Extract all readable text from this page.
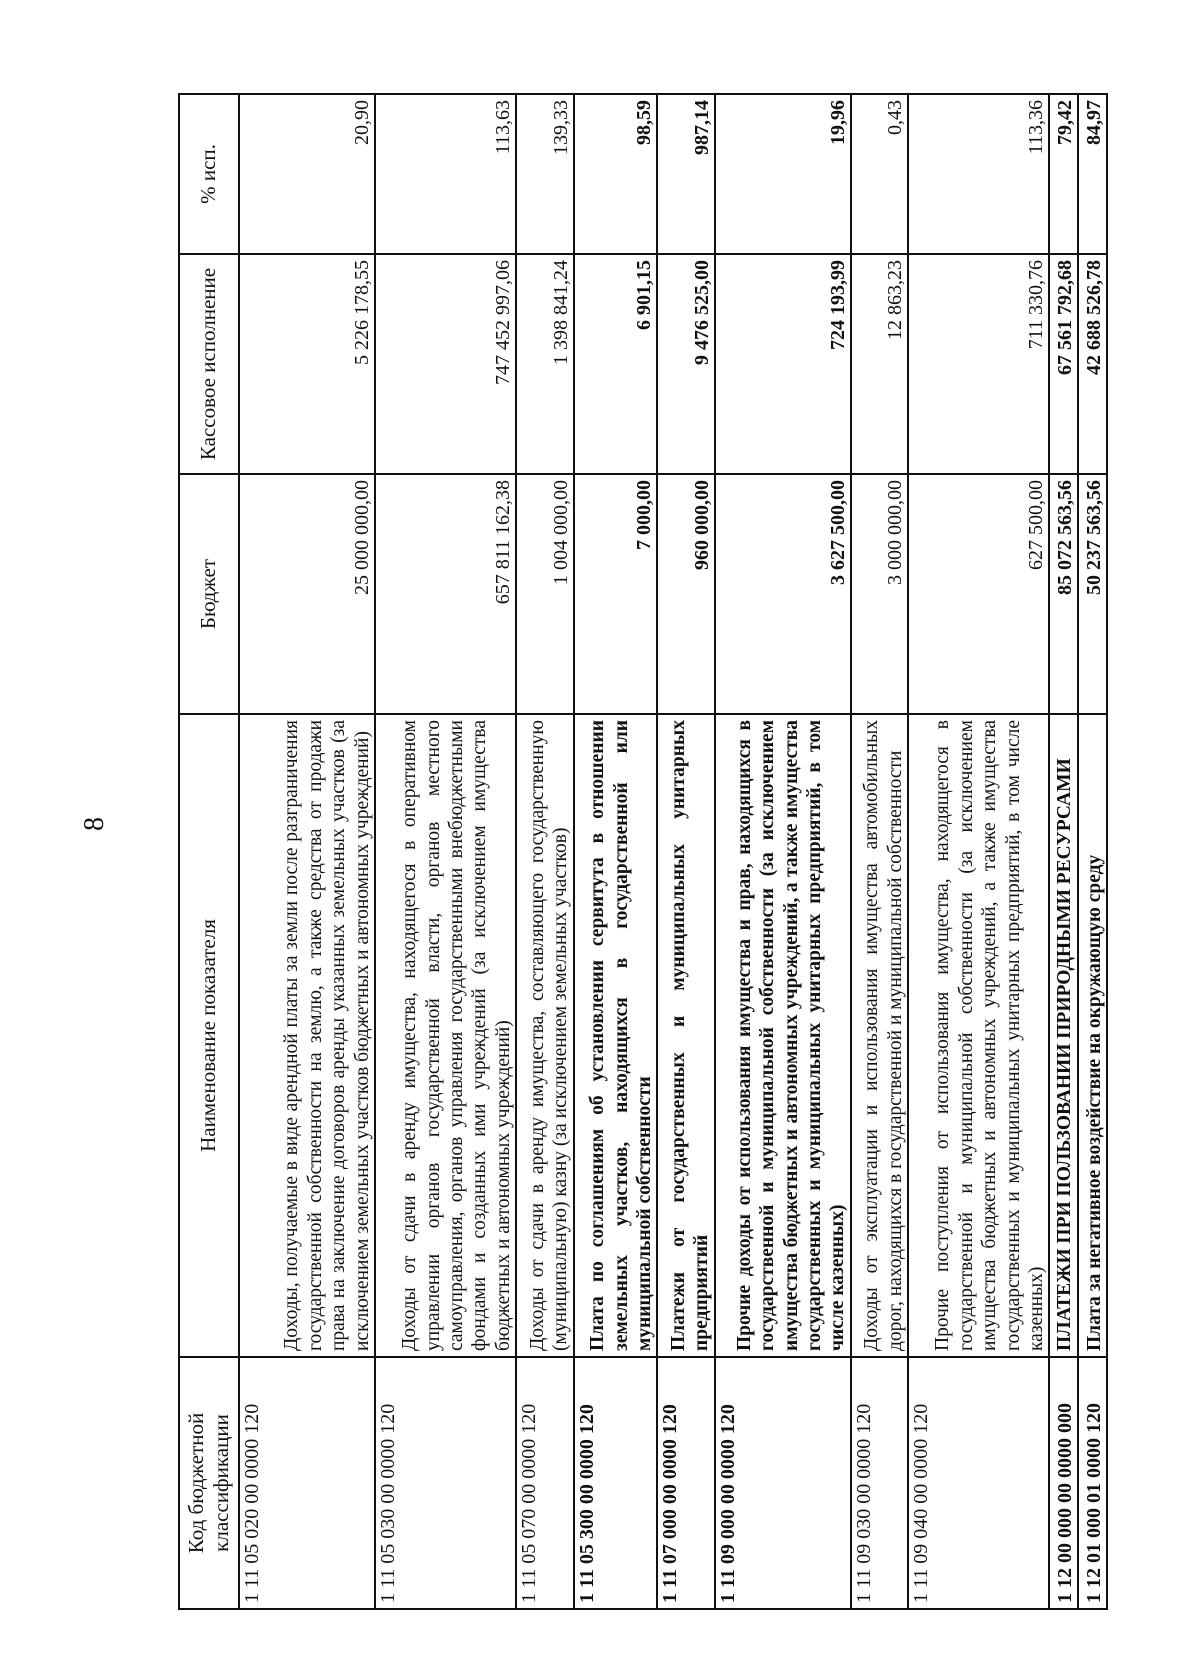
8
Код бюджетной классификации	Наименование показателя	Бюджет	Кассовое исполнение	% исп.
1 11 05 020 00 0000 120	Доходы, получаемые в виде арендной платы за земли после разграничения государственной собственности на землю, а также средства от продажи права на заключение договоров аренды указанных земельных участков (за исключением земельных участков бюджетных и автономных учреждений)	25 000 000,00	5 226 178,55	20,90
1 11 05 030 00 0000 120	Доходы от сдачи в аренду имущества, находящегося в оперативном управлении органов государственной власти, органов местного самоуправления, органов управления государственными внебюджетными фондами и созданных ими учреждений (за исключением имущества бюджетных и автономных учреждений)	657 811 162,38	747 452 997,06	113,63
1 11 05 070 00 0000 120	Доходы от сдачи в аренду имущества, составляющего государственную (муниципальную) казну (за исключением земельных участков)	1 004 000,00	1 398 841,24	139,33
1 11 05 300 00 0000 120	Плата по соглашениям об установлении сервитута в отношении земельных участков, находящихся в государственной или муниципальной собственности	7 000,00	6 901,15	98,59
1 11 07 000 00 0000 120	Платежи от государственных и муниципальных унитарных предприятий	960 000,00	9 476 525,00	987,14
1 11 09 000 00 0000 120	Прочие доходы от использования имущества и прав, находящихся в государственной и муниципальной собственности (за исключением имущества бюджетных и автономных учреждений, а также имущества государственных и муниципальных унитарных предприятий, в том числе казенных)	3 627 500,00	724 193,99	19,96
1 11 09 030 00 0000 120	Доходы от эксплуатации и использования имущества автомобильных дорог, находящихся в государственной и муниципальной собственности	3 000 000,00	12 863,23	0,43
1 11 09 040 00 0000 120	Прочие поступления от использования имущества, находящегося в государственной и муниципальной собственности (за исключением имущества бюджетных и автономных учреждений, а также имущества государственных и муниципальных унитарных предприятий, в том числе казенных)	627 500,00	711 330,76	113,36
1 12 00 000 00 0000 000	ПЛАТЕЖИ ПРИ ПОЛЬЗОВАНИИ ПРИРОДНЫМИ РЕСУРСАМИ	85 072 563,56	67 561 792,68	79,42
1 12 01 000 01 0000 120	Плата за негативное воздействие на окружающую среду	50 237 563,56	42 688 526,78	84,97
